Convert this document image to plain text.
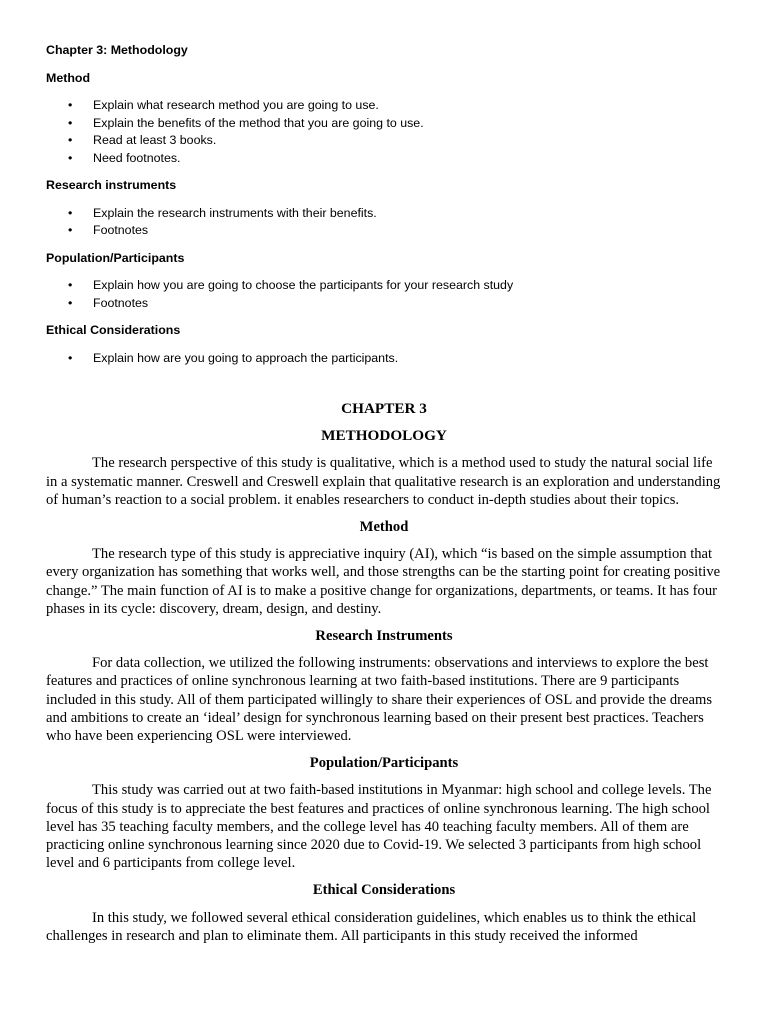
Chapter 3: Methodology
Method
• Explain what research method you are going to use.
• Explain the benefits of the method that you are going to use.
• Read at least 3 books.
• Need footnotes.
Research instruments
• Explain the research instruments with their benefits.
• Footnotes
Population/Participants
• Explain how you are going to choose the participants for your research study
• Footnotes
Ethical Considerations
• Explain how are you going to approach the participants.
CHAPTER 3
METHODOLOGY

The research perspective of this study is qualitative, which is a method used to study the natural social life in a systematic manner. Creswell and Creswell explain that qualitative research is an exploration and understanding of human’s reaction to a social problem. it enables researchers to conduct in-depth studies about their topics.

Method

The research type of this study is appreciative inquiry (AI), which “is based on the simple assumption that every organization has something that works well, and those strengths can be the starting point for creating positive change.” The main function of AI is to make a positive change for organizations, departments, or teams. It has four phases in its cycle: discovery, dream, design, and destiny.

Research Instruments

For data collection, we utilized the following instruments: observations and interviews to explore the best features and practices of online synchronous learning at two faith-based institutions. There are 9 participants included in this study. All of them participated willingly to share their experiences of OSL and provide the dreams and ambitions to create an ‘ideal’ design for synchronous learning based on their present best practices. Teachers who have been experiencing OSL were interviewed.

Population/Participants

This study was carried out at two faith-based institutions in Myanmar: high school and college levels. The focus of this study is to appreciate the best features and practices of online synchronous learning. The high school level has 35 teaching faculty members, and the college level has 40 teaching faculty members. All of them are practicing online synchronous learning since 2020 due to Covid-19. We selected 3 participants from high school level and 6 participants from college level.

Ethical Considerations

In this study, we followed several ethical consideration guidelines, which enables us to think the ethical challenges in research and plan to eliminate them. All participants in this study received the informed
